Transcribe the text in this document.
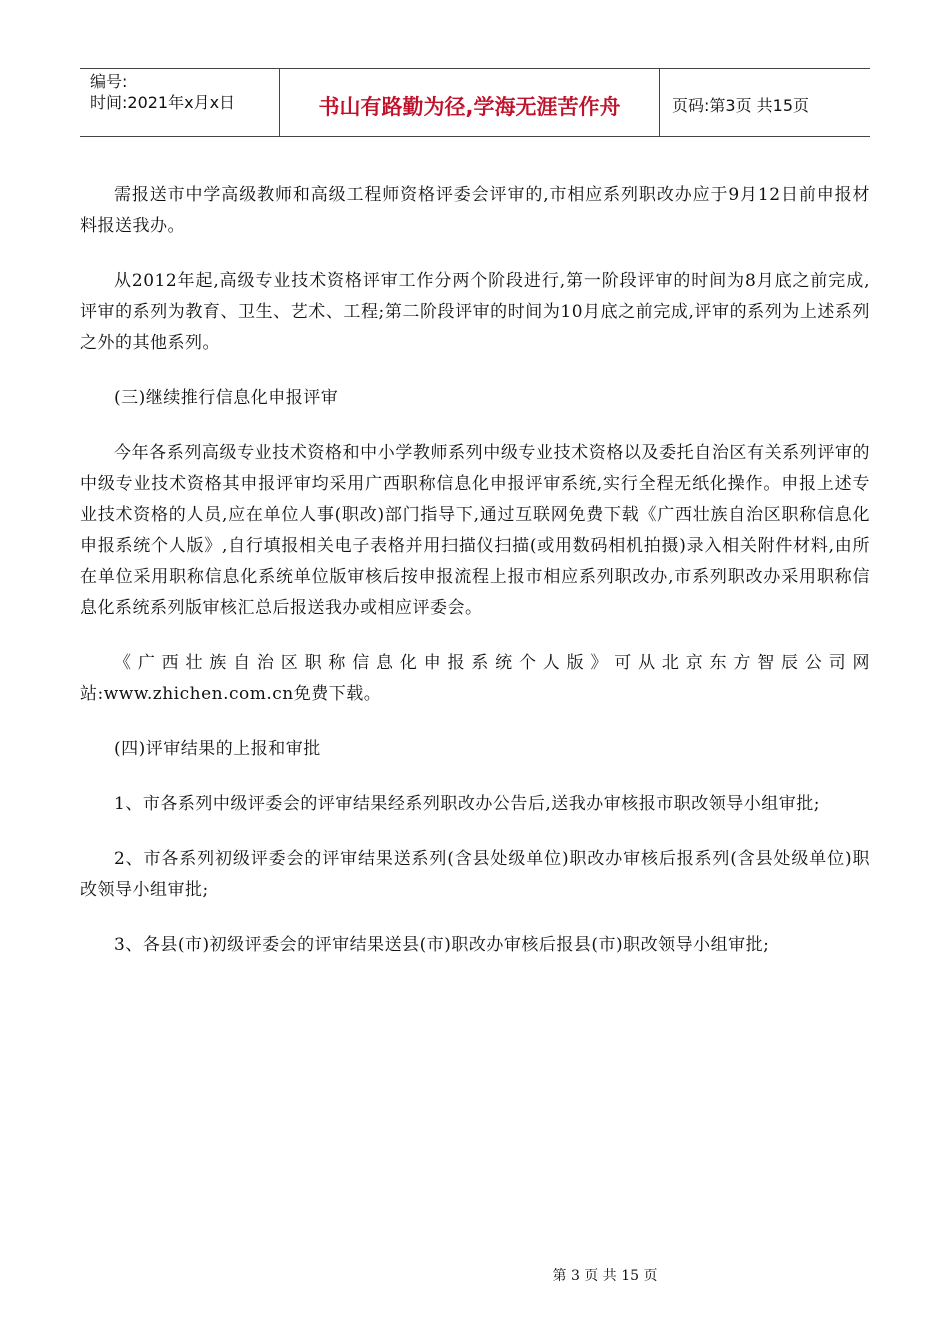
编号:
时间:2021年x月x日	书山有路勤为径,学海无涯苦作舟	页码:第3页 共15页

需报送市中学高级教师和高级工程师资格评委会评审的,市相应系列职改办应于9月12日前申报材料报送我办。

从2012年起,高级专业技术资格评审工作分两个阶段进行,第一阶段评审的时间为8月底之前完成,评审的系列为教育、卫生、艺术、工程;第二阶段评审的时间为10月底之前完成,评审的系列为上述系列之外的其他系列。

(三)继续推行信息化申报评审

今年各系列高级专业技术资格和中小学教师系列中级专业技术资格以及委托自治区有关系列评审的中级专业技术资格其申报评审均采用广西职称信息化申报评审系统,实行全程无纸化操作。申报上述专业技术资格的人员,应在单位人事(职改)部门指导下,通过互联网免费下载《广西壮族自治区职称信息化申报系统个人版》,自行填报相关电子表格并用扫描仪扫描(或用数码相机拍摄)录入相关附件材料,由所在单位采用职称信息化系统单位版审核后按申报流程上报市相应系列职改办,市系列职改办采用职称信息化系统系列版审核汇总后报送我办或相应评委会。

《广西壮族自治区职称信息化申报系统个人版》可从北京东方智辰公司网站:www.zhichen.com.cn免费下载。

(四)评审结果的上报和审批

1、市各系列中级评委会的评审结果经系列职改办公告后,送我办审核报市职改领导小组审批;

2、市各系列初级评委会的评审结果送系列(含县处级单位)职改办审核后报系列(含县处级单位)职改领导小组审批;

3、各县(市)初级评委会的评审结果送县(市)职改办审核后报县(市)职改领导小组审批;

第 3 页 共 15 页
